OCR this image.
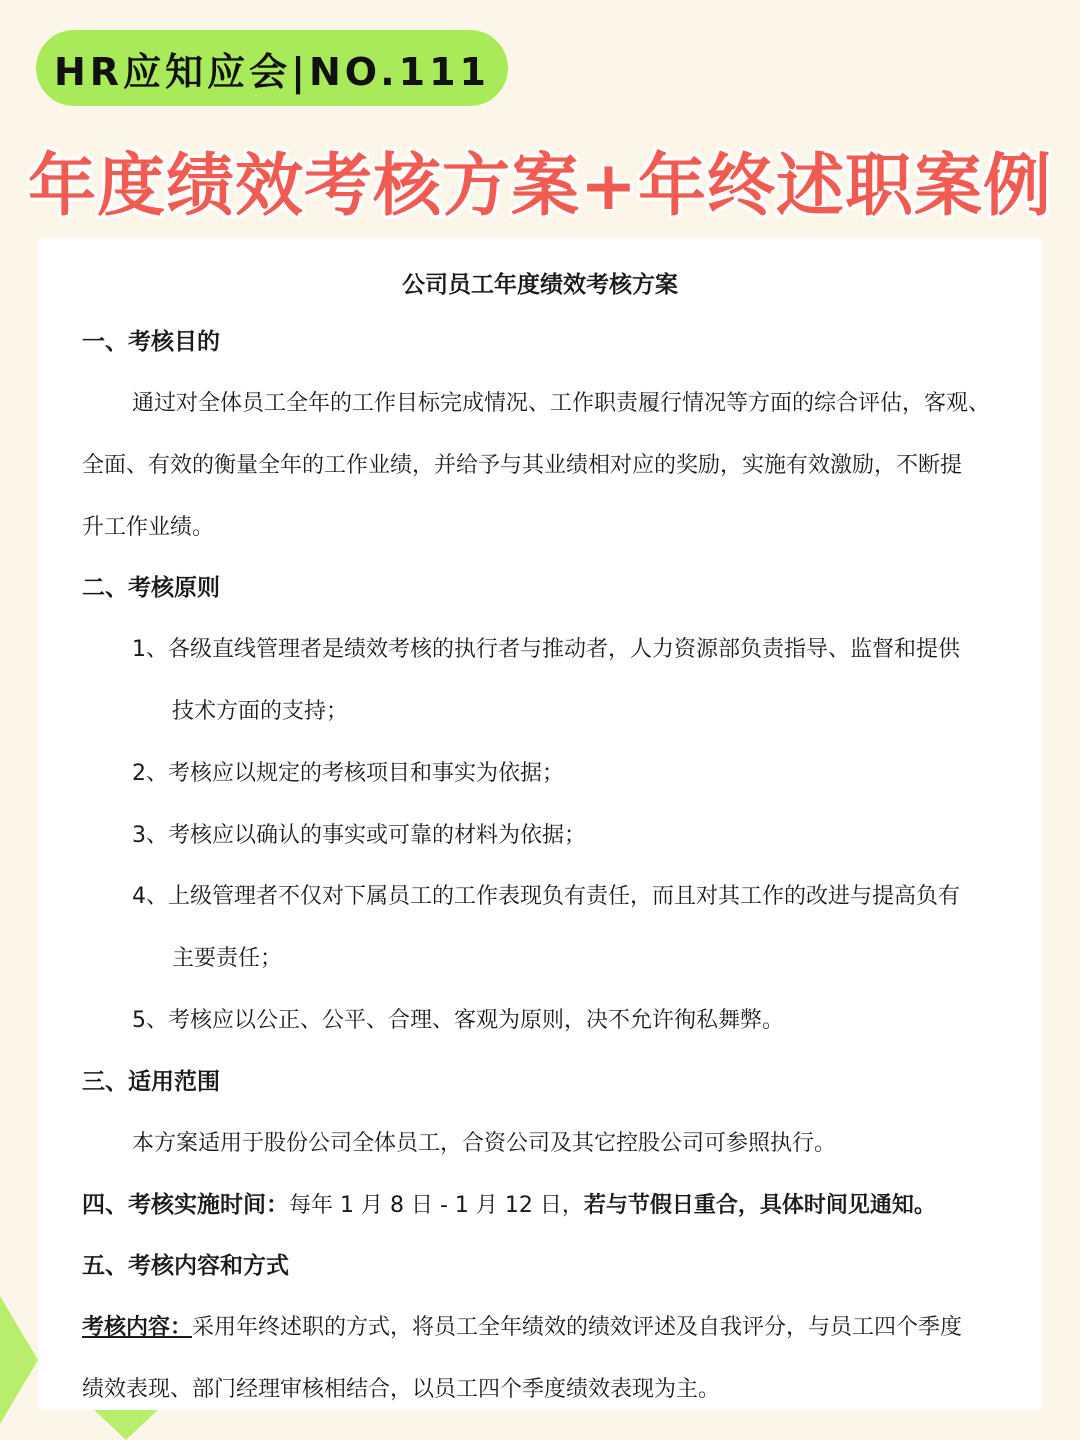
HR应知应会|NO.111
年度绩效考核方案+年终述职案例
公司员工年度绩效考核方案
一、考核目的
通过对全体员工全年的工作目标完成情况、工作职责履行情况等方面的综合评估，客观、
全面、有效的衡量全年的工作业绩，并给予与其业绩相对应的奖励，实施有效激励，不断提
升工作业绩。
二、考核原则
1、各级直线管理者是绩效考核的执行者与推动者，人力资源部负责指导、监督和提供
技术方面的支持；
2、考核应以规定的考核项目和事实为依据；
3、考核应以确认的事实或可靠的材料为依据；
4、上级管理者不仅对下属员工的工作表现负有责任，而且对其工作的改进与提高负有
主要责任；
5、考核应以公正、公平、合理、客观为原则，决不允许徇私舞弊。
三、适用范围
本方案适用于股份公司全体员工，合资公司及其它控股公司可参照执行。
四、考核实施时间：每年 1 月 8 日 - 1 月 12 日，若与节假日重合，具体时间见通知。
五、考核内容和方式
考核内容：采用年终述职的方式，将员工全年绩效的绩效评述及自我评分，与员工四个季度
绩效表现、部门经理审核相结合，以员工四个季度绩效表现为主。
